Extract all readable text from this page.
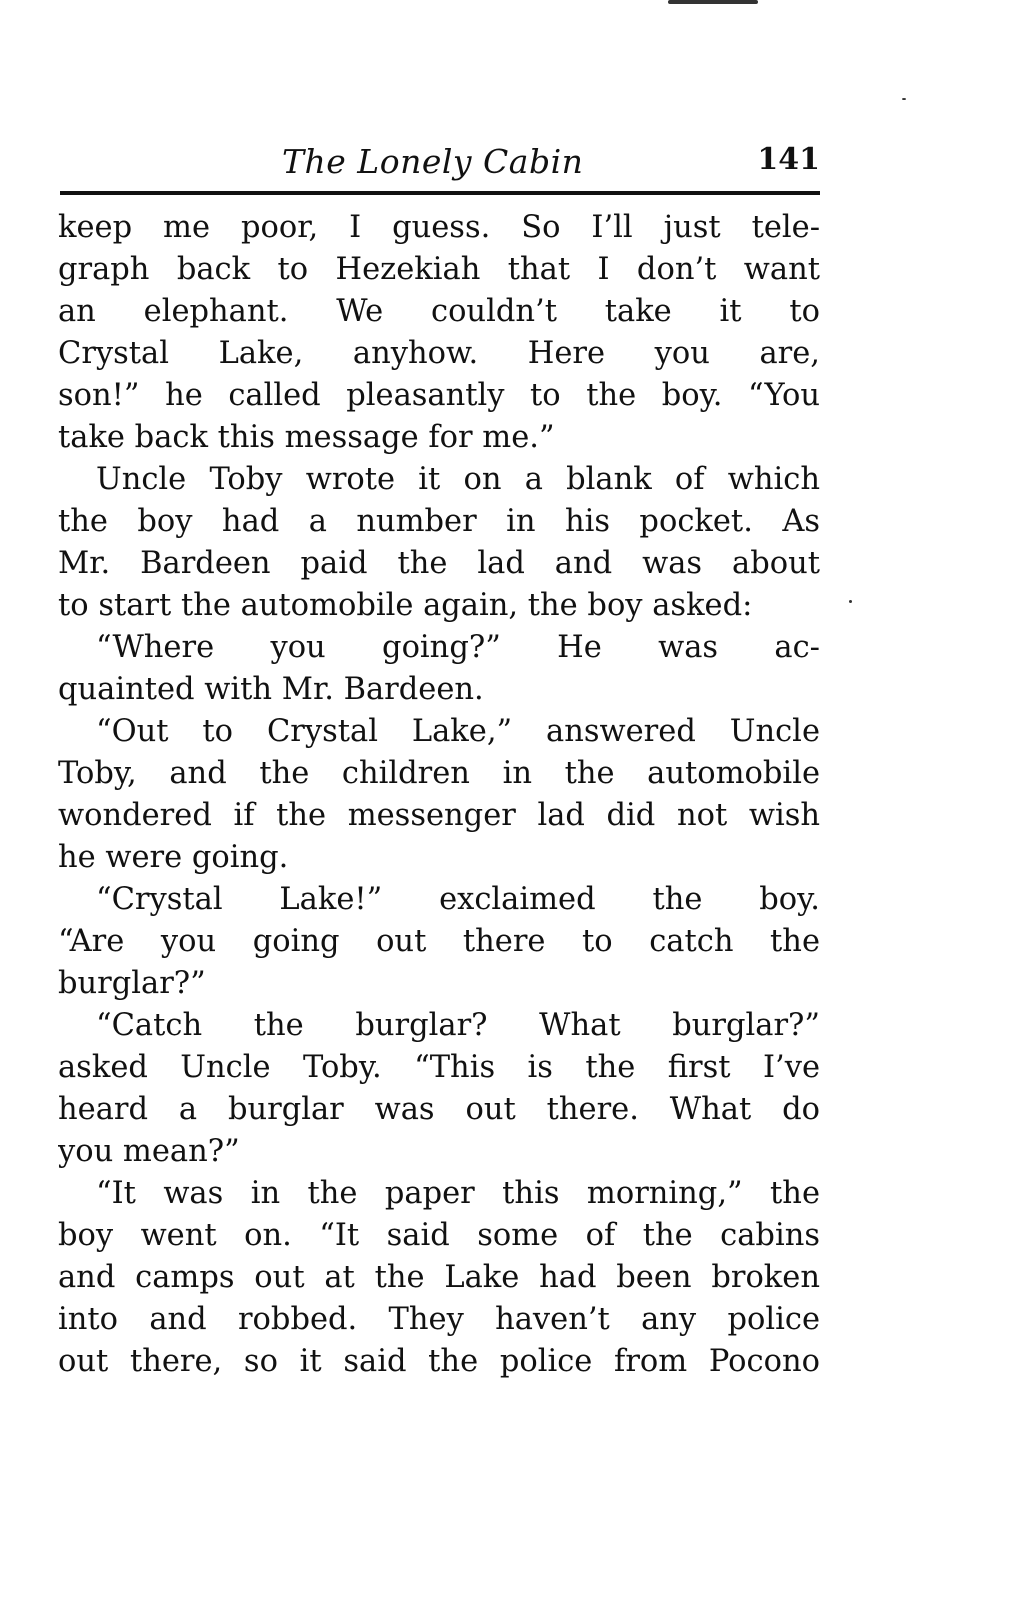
The Lonely Cabin	141
keep me poor, I guess. So I’ll just tele-
graph back to Hezekiah that I don’t want
an elephant. We couldn’t take it to
Crystal Lake, anyhow. Here you are,
son!” he called pleasantly to the boy. “You
take back this message for me.”
Uncle Toby wrote it on a blank of which
the boy had a number in his pocket. As
Mr. Bardeen paid the lad and was about
to start the automobile again, the boy asked:
“Where you going?” He was ac-
quainted with Mr. Bardeen.
“Out to Crystal Lake,” answered Uncle
Toby, and the children in the automobile
wondered if the messenger lad did not wish
he were going.
“Crystal Lake!” exclaimed the boy.
“Are you going out there to catch the
burglar?”
“Catch the burglar? What burglar?”
asked Uncle Toby. “This is the first I’ve
heard a burglar was out there. What do
you mean?”
“It was in the paper this morning,” the
boy went on. “It said some of the cabins
and camps out at the Lake had been broken
into and robbed. They haven’t any police
out there, so it said the police from Pocono
